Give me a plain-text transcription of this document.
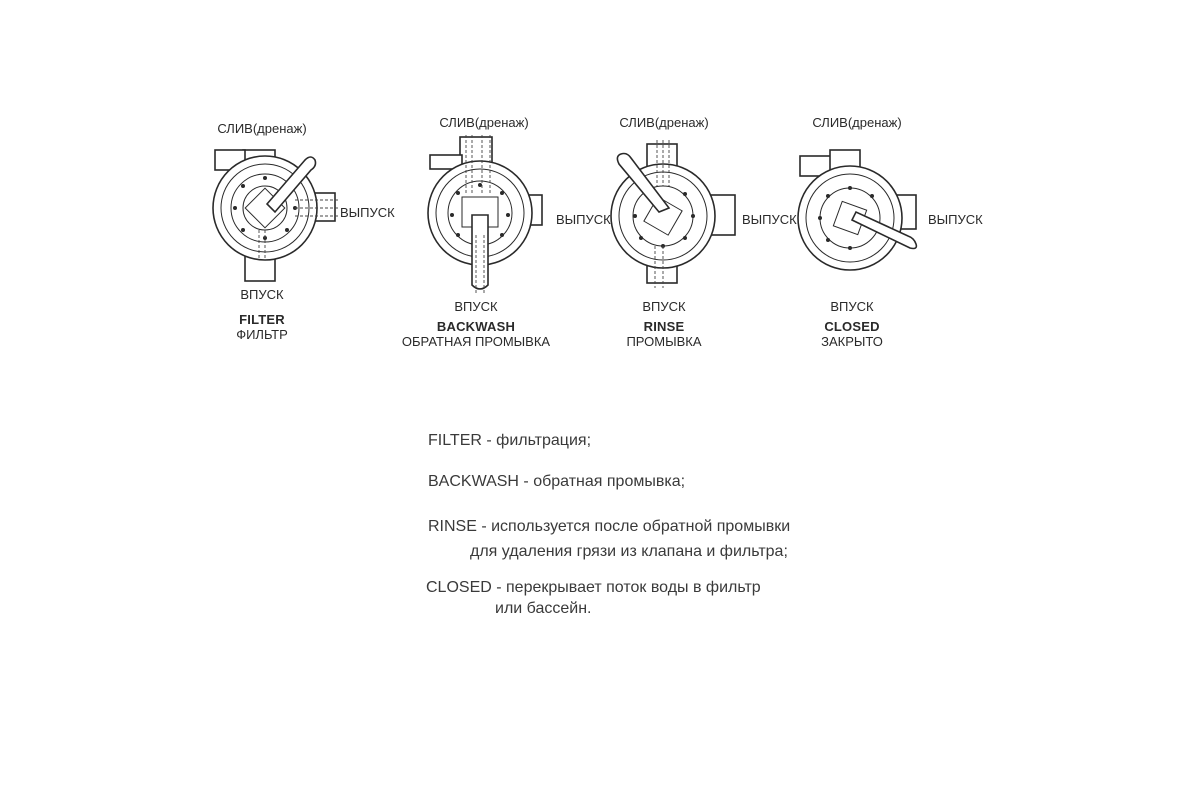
СЛИВ(дренаж)
ВЫПУСК
ВПУСК
FILTER
ФИЛЬТР
СЛИВ(дренаж)
ВПУСК
BACKWASH
ОБРАТНАЯ ПРОМЫВКА
СЛИВ(дренаж)
ВЫПУСК	ВЫПУСК
ВПУСК
RINSE
ПРОМЫВКА
СЛИВ(дренаж)
ВЫПУСК
ВПУСК
CLOSED
ЗАКРЫТО
FILTER - фильтрация;
BACKWASH - обратная промывка;
RINSE - используется после обратной промывки
для удаления грязи из клапана и фильтра;
CLOSED - перекрывает поток воды в фильтр
или бассейн.
